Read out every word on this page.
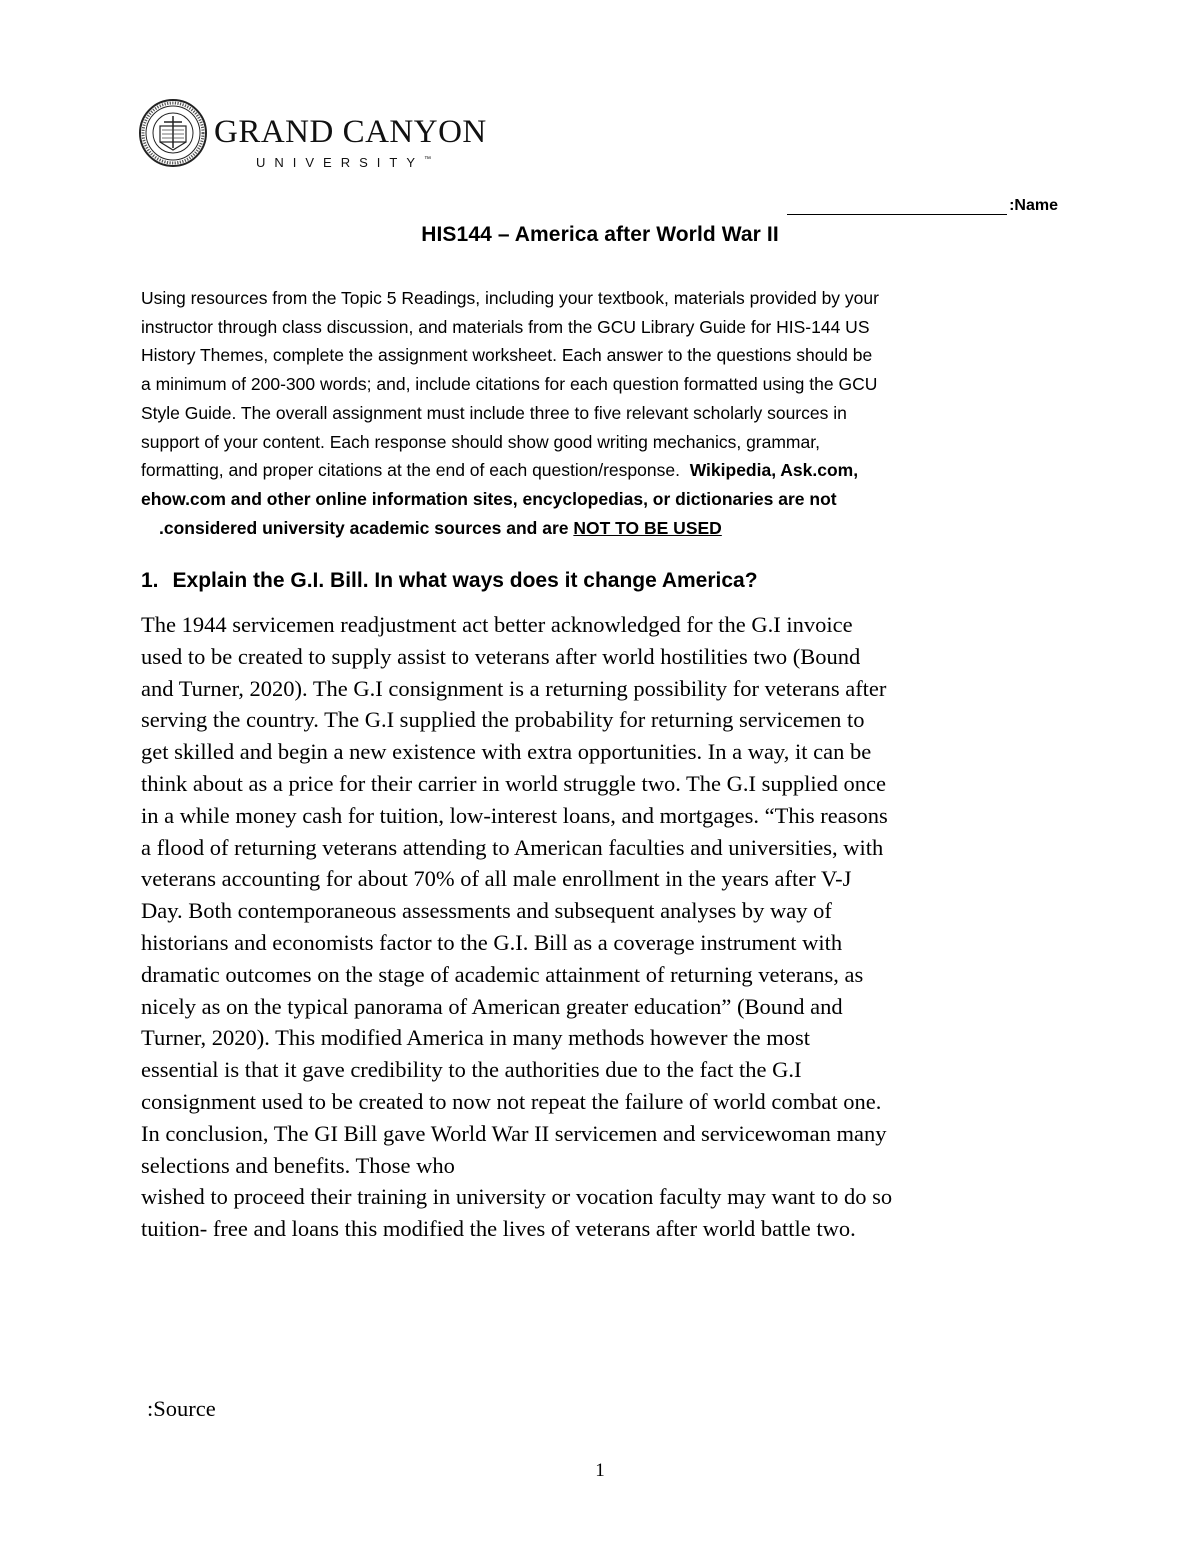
GRAND CANYON
UNIVERSITY™
:Name
HIS144 – America after World War II
Using resources from the Topic 5 Readings, including your textbook, materials provided by your
instructor through class discussion, and materials from the GCU Library Guide for HIS-144 US
History Themes, complete the assignment worksheet. Each answer to the questions should be
a minimum of 200-300 words; and, include citations for each question formatted using the GCU
Style Guide. The overall assignment must include three to five relevant scholarly sources in
support of your content. Each response should show good writing mechanics, grammar,
formatting, and proper citations at the end of each question/response.  Wikipedia, Ask.com,
ehow.com and other online information sites, encyclopedias, or dictionaries are not
.considered university academic sources and are NOT TO BE USED
1. Explain the G.I. Bill. In what ways does it change America?
The 1944 servicemen readjustment act better acknowledged for the G.I invoice
used to be created to supply assist to veterans after world hostilities two (Bound
and Turner, 2020). The G.I consignment is a returning possibility for veterans after
serving the country. The G.I supplied the probability for returning servicemen to
get skilled and begin a new existence with extra opportunities. In a way, it can be
think about as a price for their carrier in world struggle two. The G.I supplied once
in a while money cash for tuition, low-interest loans, and mortgages. “This reasons
a flood of returning veterans attending to American faculties and universities, with
veterans accounting for about 70% of all male enrollment in the years after V-J
Day. Both contemporaneous assessments and subsequent analyses by way of
historians and economists factor to the G.I. Bill as a coverage instrument with
dramatic outcomes on the stage of academic attainment of returning veterans, as
nicely as on the typical panorama of American greater education” (Bound and
Turner, 2020). This modified America in many methods however the most
essential is that it gave credibility to the authorities due to the fact the G.I
consignment used to be created to now not repeat the failure of world combat one.
In conclusion, The GI Bill gave World War II servicemen and servicewoman many
selections and benefits. Those who
wished to proceed their training in university or vocation faculty may want to do so
tuition- free and loans this modified the lives of veterans after world battle two.
:Source
1
